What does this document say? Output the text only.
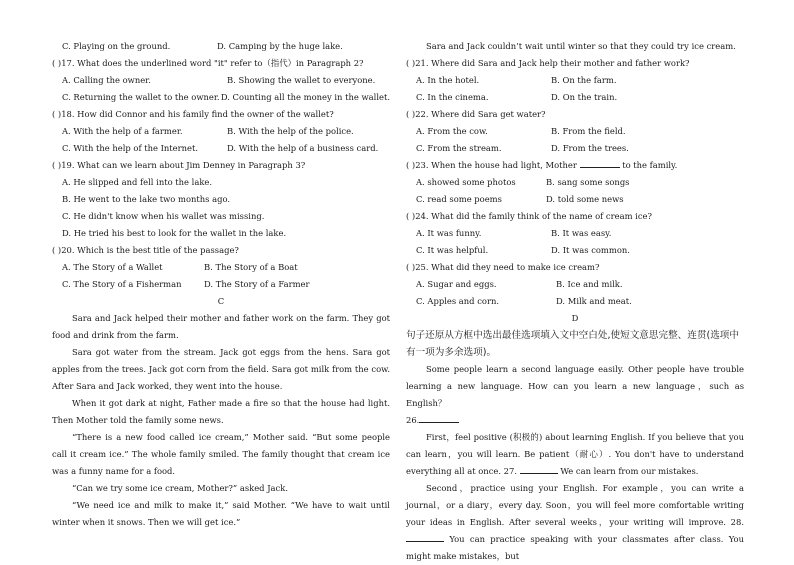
C. Playing on the ground.	D. Camping by the huge lake.
( )17. What does the underlined word "it" refer to（指代）in Paragraph 2?
A. Calling the owner.	B. Showing the wallet to everyone.
C. Returning the wallet to the owner. D. Counting all the money in the wallet.
( )18. How did Connor and his family find the owner of the wallet?
A. With the help of a farmer.	B. With the help of the police.
C. With the help of the Internet.	D. With the help of a business card.
( )19. What can we learn about Jim Denney in Paragraph 3?
A. He slipped and fell into the lake.
B. He went to the lake two months ago.
C. He didn't know when his wallet was missing.
D. He tried his best to look for the wallet in the lake.
( )20. Which is the best title of the passage?
A. The Story of a Wallet	B. The Story of a Boat
C. The Story of a Fisherman	D. The Story of a Farmer
C

Sara and Jack helped their mother and father work on the farm. They got food and drink from the farm.

Sara got water from the stream. Jack got eggs from the hens. Sara got apples from the trees. Jack got corn from the field. Sara got milk from the cow. After Sara and Jack worked, they went into the house.

When it got dark at night, Father made a fire so that the house had light. Then Mother told the family some news.

“There is a new food called ice cream,” Mother said. “But some people call it cream ice.” The whole family smiled. The family thought that cream ice was a funny name for a food.

“Can we try some ice cream, Mother?” asked Jack.

“We need ice and milk to make it,” said Mother. “We have to wait until winter when it snows. Then we will get ice.”

Sara and Jack couldn’t wait until winter so that they could try ice cream.

( )21. Where did Sara and Jack help their mother and father work?
A. In the hotel.	B. On the farm.
C. In the cinema.	D. On the train.
( )22. Where did Sara get water?
A. From the cow.	B. From the field.
C. From the stream.	D. From the trees.
( )23. When the house had light, Mother	to the family.
A. showed some photos	B. sang some songs
C. read some poems	D. told some news
( )24. What did the family think of the name of cream ice?
A. It was funny.	B. It was easy.
C. It was helpful.	D. It was common.
( )25. What did they need to make ice cream?
A. Sugar and eggs.	B. Ice and milk.
C. Apples and corn.	D. Milk and meat.
D
句子还原从方框中选出最佳选项填入文中空白处,使短文意思完整、连贯(选项中有一项为多余选项)。

Some people learn a second language easily. Other people have trouble learning a new language. How can you learn a new language，such as English？

26.

First，feel positive (积极的) about learning English. If you believe that you can learn，you will learn. Be patient（耐心）. You don't have to understand everything all at once. 27.	We can learn from our mistakes.

Second，practice using your English. For example，you can write a journal，or a diary，every day. Soon，you will feel more comfortable writing your ideas in English. After several weeks，your writing will improve. 28.  You can practice speaking with your classmates after class. You might make mistakes，but
